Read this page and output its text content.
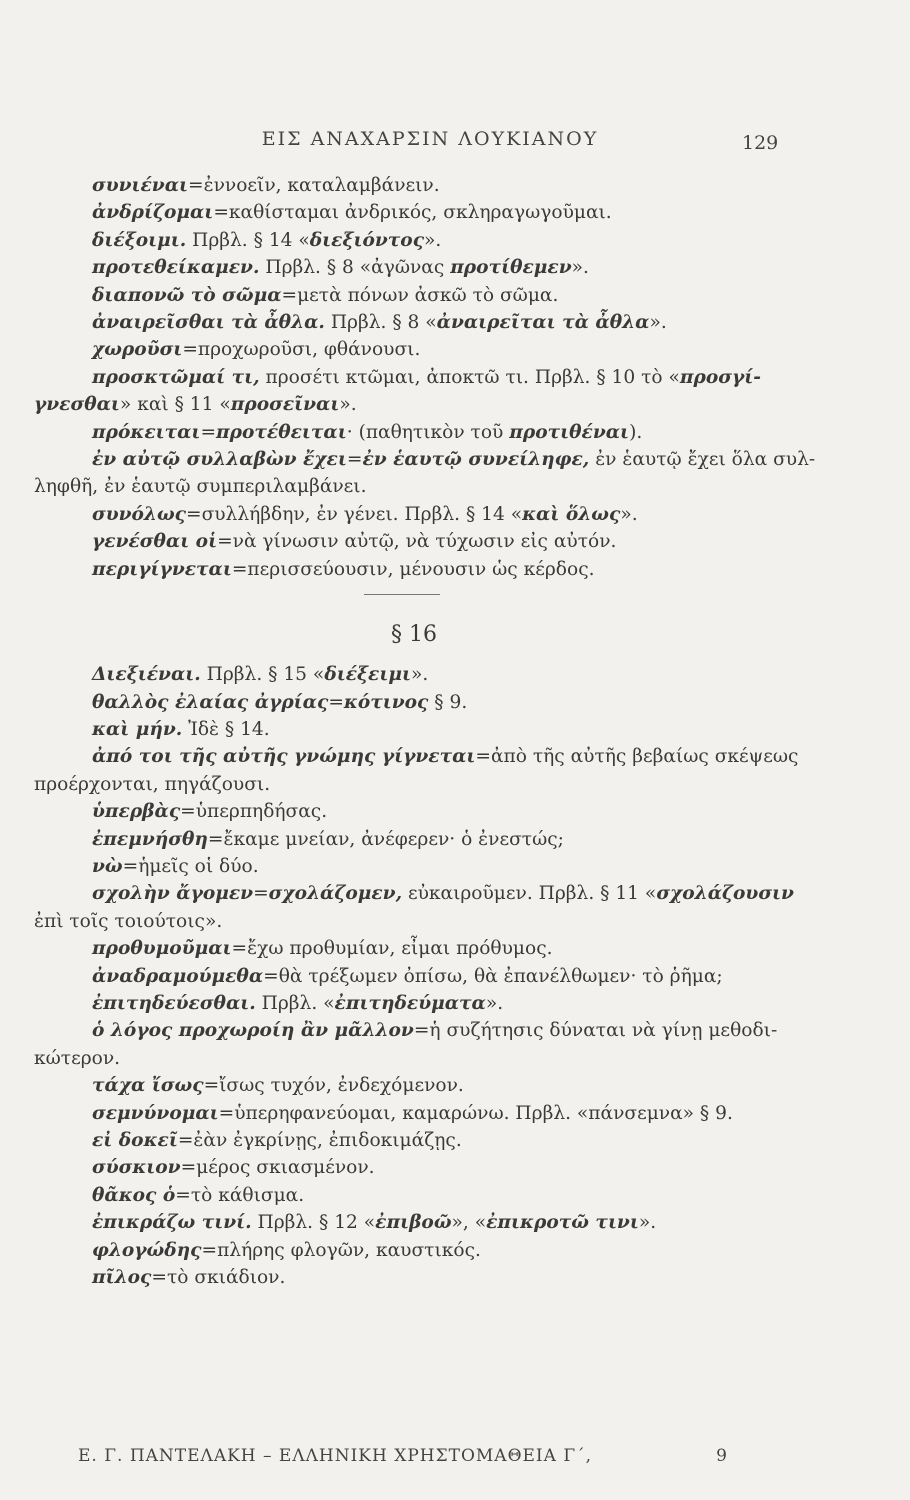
ΕΙΣ ΑΝΑΧΑΡΣΙΝ ΛΟΥΚΙΑΝΟΥ	129
συνιέναι=ἐννοεῖν, καταλαμβάνειν.
ἀνδρίζομαι=καθίσταμαι ἀνδρικός, σκληραγωγοῦμαι.
διέξοιμι. Πρβλ. § 14 «διεξιόντος».
προτεθείκαμεν. Πρβλ. § 8 «ἀγῶνας προτίθεμεν».
διαπονῶ τὸ σῶμα=μετὰ πόνων ἀσκῶ τὸ σῶμα.
ἀναιρεῖσθαι τὰ ἆθλα. Πρβλ. § 8 «ἀναιρεῖται τὰ ἆθλα».
χωροῦσι=προχωροῦσι, φθάνουσι.
προσκτῶμαί τι, προσέτι κτῶμαι, ἀποκτῶ τι. Πρβλ. § 10 τὸ «προσγί-
γνεσθαι» καὶ § 11 «προσεῖναι».
πρόκειται=προτέθειται· (παθητικὸν τοῦ προτιθέναι).
ἐν αὐτῷ συλλαβὼν ἔχει=ἐν ἑαυτῷ συνείληφε, ἐν ἑαυτῷ ἔχει ὅλα συλ-
ληφθῆ, ἐν ἑαυτῷ συμπεριλαμβάνει.
συνόλως=συλλήβδην, ἐν γένει. Πρβλ. § 14 «καὶ ὅλως».
γενέσθαι οἱ=νὰ γίνωσιν αὐτῷ, νὰ τύχωσιν εἰς αὐτόν.
περιγίγνεται=περισσεύουσιν, μένουσιν ὡς κέρδος.
§ 16
Διεξιέναι. Πρβλ. § 15 «διέξειμι».
θαλλὸς ἐλαίας ἀγρίας=κότινος § 9.
καὶ μήν. Ἰδὲ § 14.
ἀπό τοι τῆς αὐτῆς γνώμης γίγνεται=ἀπὸ τῆς αὐτῆς βεβαίως σκέψεως
προέρχονται, πηγάζουσι.
ὑπερβὰς=ὑπερπηδήσας.
ἐπεμνήσθη=ἔκαμε μνείαν, ἀνέφερεν· ὁ ἐνεστώς;
νὼ=ἡμεῖς οἱ δύο.
σχολὴν ἄγομεν=σχολάζομεν, εὐκαιροῦμεν. Πρβλ. § 11 «σχολάζουσιν
ἐπὶ τοῖς τοιούτοις».
προθυμοῦμαι=ἔχω προθυμίαν, εἶμαι πρόθυμος.
ἀναδραμούμεθα=θὰ τρέξωμεν ὀπίσω, θὰ ἐπανέλθωμεν· τὸ ῥῆμα;
ἐπιτηδεύεσθαι. Πρβλ. «ἐπιτηδεύματα».
ὁ λόγος προχωροίη ἂν μᾶλλον=ἡ συζήτησις δύναται νὰ γίνῃ μεθοδι-
κώτερον.
τάχα ἴσως=ἴσως τυχόν, ἐνδεχόμενον.
σεμνύνομαι=ὑπερηφανεύομαι, καμαρώνω. Πρβλ. «πάνσεμνα» § 9.
εἰ δοκεῖ=ἐὰν ἐγκρίνῃς, ἐπιδοκιμάζῃς.
σύσκιον=μέρος σκιασμένον.
θᾶκος ὁ=τὸ κάθισμα.
ἐπικράζω τινί. Πρβλ. § 12 «ἐπιβοῶ», «ἐπικροτῶ τινι».
φλογώδης=πλήρης φλογῶν, καυστικός.
πῖλος=τὸ σκιάδιον.
Ε. Γ. ΠΑΝΤΕΛΑΚΗ – ΕΛΛΗΝΙΚΗ ΧΡΗΣΤΟΜΑΘΕΙΑ Γ΄,	9
